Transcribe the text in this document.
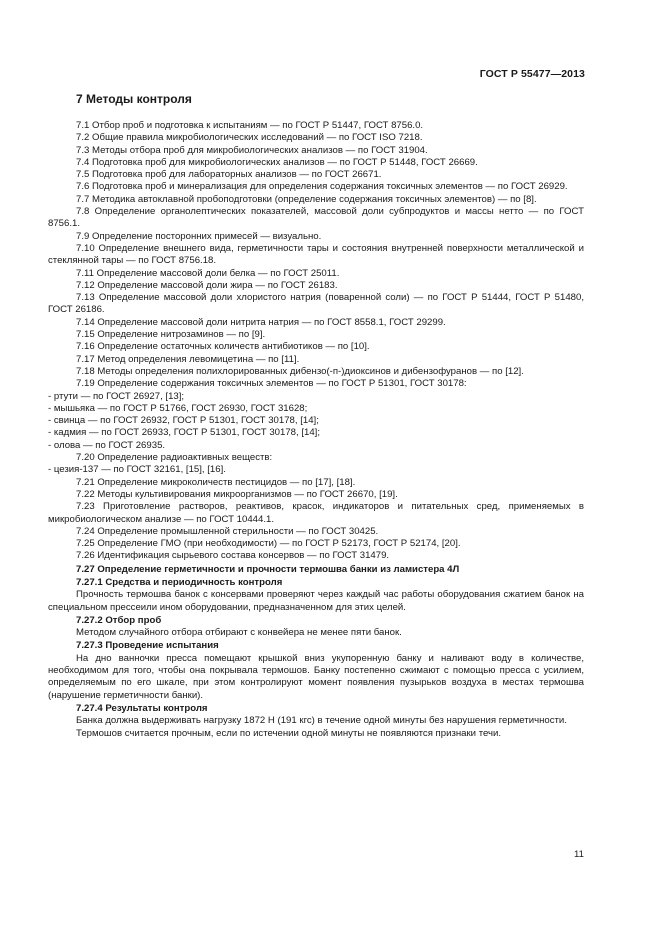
ГОСТ Р 55477—2013
7 Методы контроля

7.1 Отбор проб и подготовка к испытаниям — по ГОСТ Р 51447, ГОСТ 8756.0.

7.2 Общие правила микробиологических исследований — по ГОСТ ISO 7218.

7.3 Методы отбора проб для микробиологических анализов — по ГОСТ 31904.

7.4 Подготовка проб для микробиологических анализов — по ГОСТ Р 51448, ГОСТ 26669.

7.5 Подготовка проб для лабораторных анализов — по ГОСТ 26671.

7.6 Подготовка проб и минерализация для определения содержания токсичных элементов — по ГОСТ 26929.

7.7 Методика автоклавной пробоподготовки (определение содержания токсичных элементов) — по [8].

7.8 Определение органолептических показателей, массовой доли субпродуктов и массы нетто — по ГОСТ 8756.1.

7.9 Определение посторонних примесей — визуально.

7.10 Определение внешнего вида, герметичности тары и состояния внутренней поверхности металлической и стеклянной тары — по ГОСТ 8756.18.

7.11 Определение массовой доли белка — по ГОСТ 25011.

7.12 Определение массовой доли жира — по ГОСТ 26183.

7.13 Определение массовой доли хлористого натрия (поваренной соли) — по ГОСТ Р 51444, ГОСТ Р 51480, ГОСТ 26186.

7.14 Определение массовой доли нитрита натрия — по ГОСТ 8558.1, ГОСТ 29299.

7.15 Определение нитрозаминов — по [9].

7.16 Определение остаточных количеств антибиотиков — по [10].

7.17 Метод определения левомицетина — по [11].

7.18 Методы определения полихлорированных дибензо(-п-)диоксинов и дибензофуранов — по [12].

7.19 Определение содержания токсичных элементов — по ГОСТ Р 51301, ГОСТ 30178:

- ртути — по ГОСТ 26927, [13];

- мышьяка — по ГОСТ Р 51766, ГОСТ 26930, ГОСТ 31628;

- свинца — по ГОСТ 26932, ГОСТ Р 51301, ГОСТ 30178, [14];

- кадмия — по ГОСТ 26933, ГОСТ Р 51301, ГОСТ 30178, [14];

- олова — по ГОСТ 26935.

7.20 Определение радиоактивных веществ:

- цезия-137 — по ГОСТ 32161, [15], [16].

7.21 Определение микроколичеств пестицидов — по [17], [18].

7.22 Методы культивирования микроорганизмов — по ГОСТ 26670, [19].

7.23 Приготовление растворов, реактивов, красок, индикаторов и питательных сред, применяемых в микробиологическом анализе — по ГОСТ 10444.1.

7.24 Определение промышленной стерильности — по ГОСТ 30425.

7.25 Определение ГМО (при необходимости) — по ГОСТ Р 52173, ГОСТ Р 52174, [20].

7.26 Идентификация сырьевого состава консервов — по ГОСТ 31479.

7.27 Определение герметичности и прочности термошва банки из ламистера 4Л

7.27.1 Средства и периодичность контроля

Прочность термошва банок с консервами проверяют через каждый час работы оборудования сжатием банок на специальном прессеили ином оборудовании, предназначенном для этих целей.

7.27.2 Отбор проб

Методом случайного отбора отбирают с конвейера не менее пяти банок.

7.27.3 Проведение испытания

На дно ванночки пресса помещают крышкой вниз укупоренную банку и наливают воду в количестве, необходимом для того, чтобы она покрывала термошов. Банку постепенно сжимают с помощью пресса с усилием, определяемым по его шкале, при этом контролируют момент появления пузырьков воздуха в местах термошва (нарушение герметичности банки).

7.27.4 Результаты контроля

Банка должна выдерживать нагрузку 1872 Н (191 кгс) в течение одной минуты без нарушения герметичности.

Термошов считается прочным, если по истечении одной минуты не появляются признаки течи.

11
